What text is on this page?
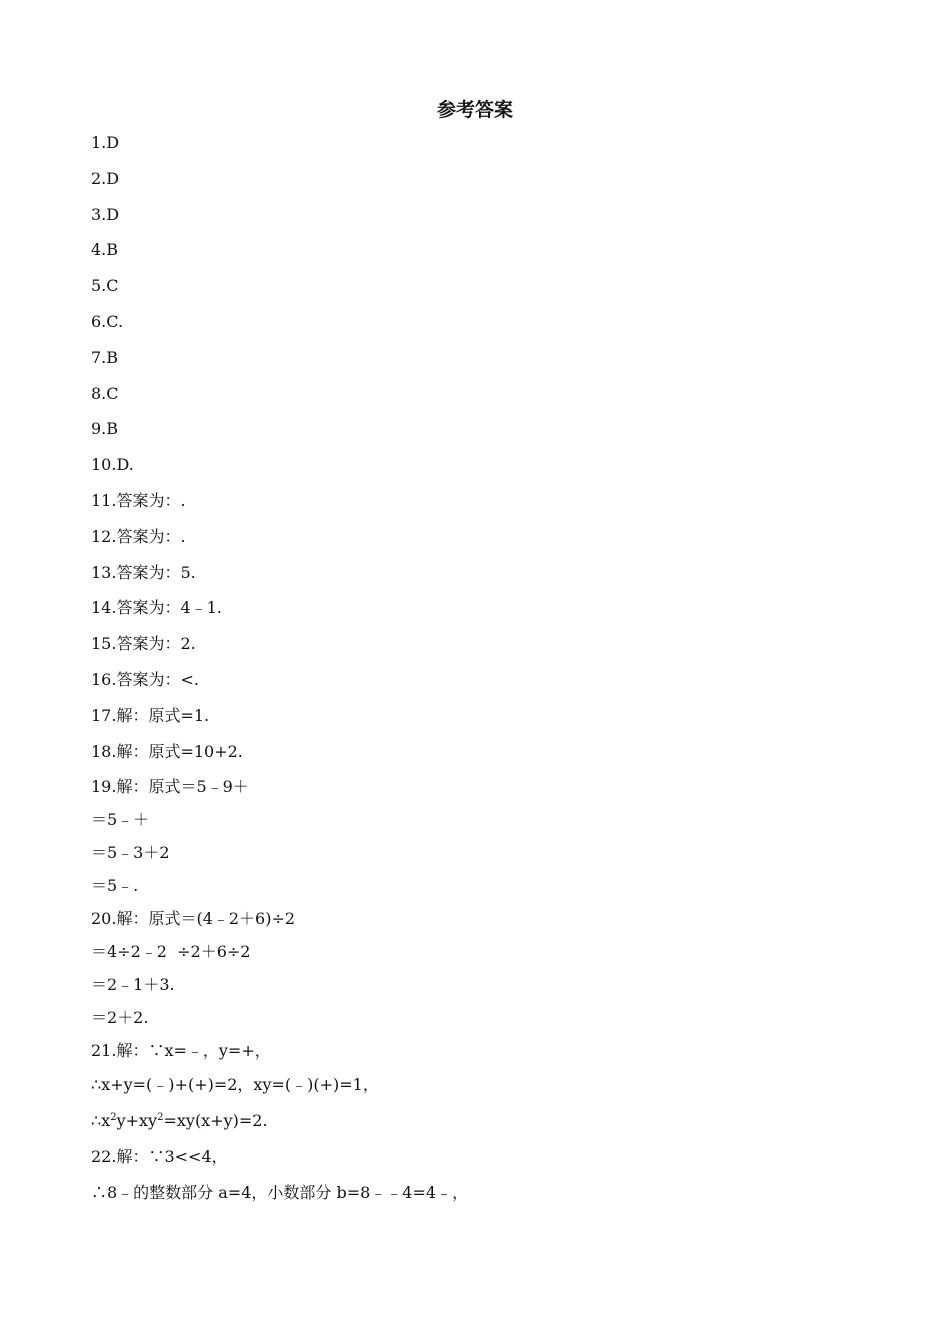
参考答案
1.D
2.D
3.D
4.B
5.C
6.C.
7.B
8.C
9.B
10.D.
11.答案为：.
12.答案为：.
13.答案为：5.
14.答案为：4﹣1.
15.答案为：2.
16.答案为：<.
17.解：原式=1.
18.解：原式=10+2.
19.解：原式＝5﹣9＋
＝5﹣＋
＝5﹣3＋2
＝5﹣.
20.解：原式＝(4﹣2＋6)÷2
＝4÷2﹣2  ÷2＋6÷2
＝2﹣1＋3.
＝2＋2.
21.解：∵x=﹣，y=+，
∴x+y=(﹣)+(+)=2，xy=(﹣)(+)=1，
$\therefore x^2y+xy^2=xy(x+y)=2$.
22.解：∵3<<4，
∴8﹣的整数部分 a=4，小数部分 b=8﹣﹣4=4﹣，
